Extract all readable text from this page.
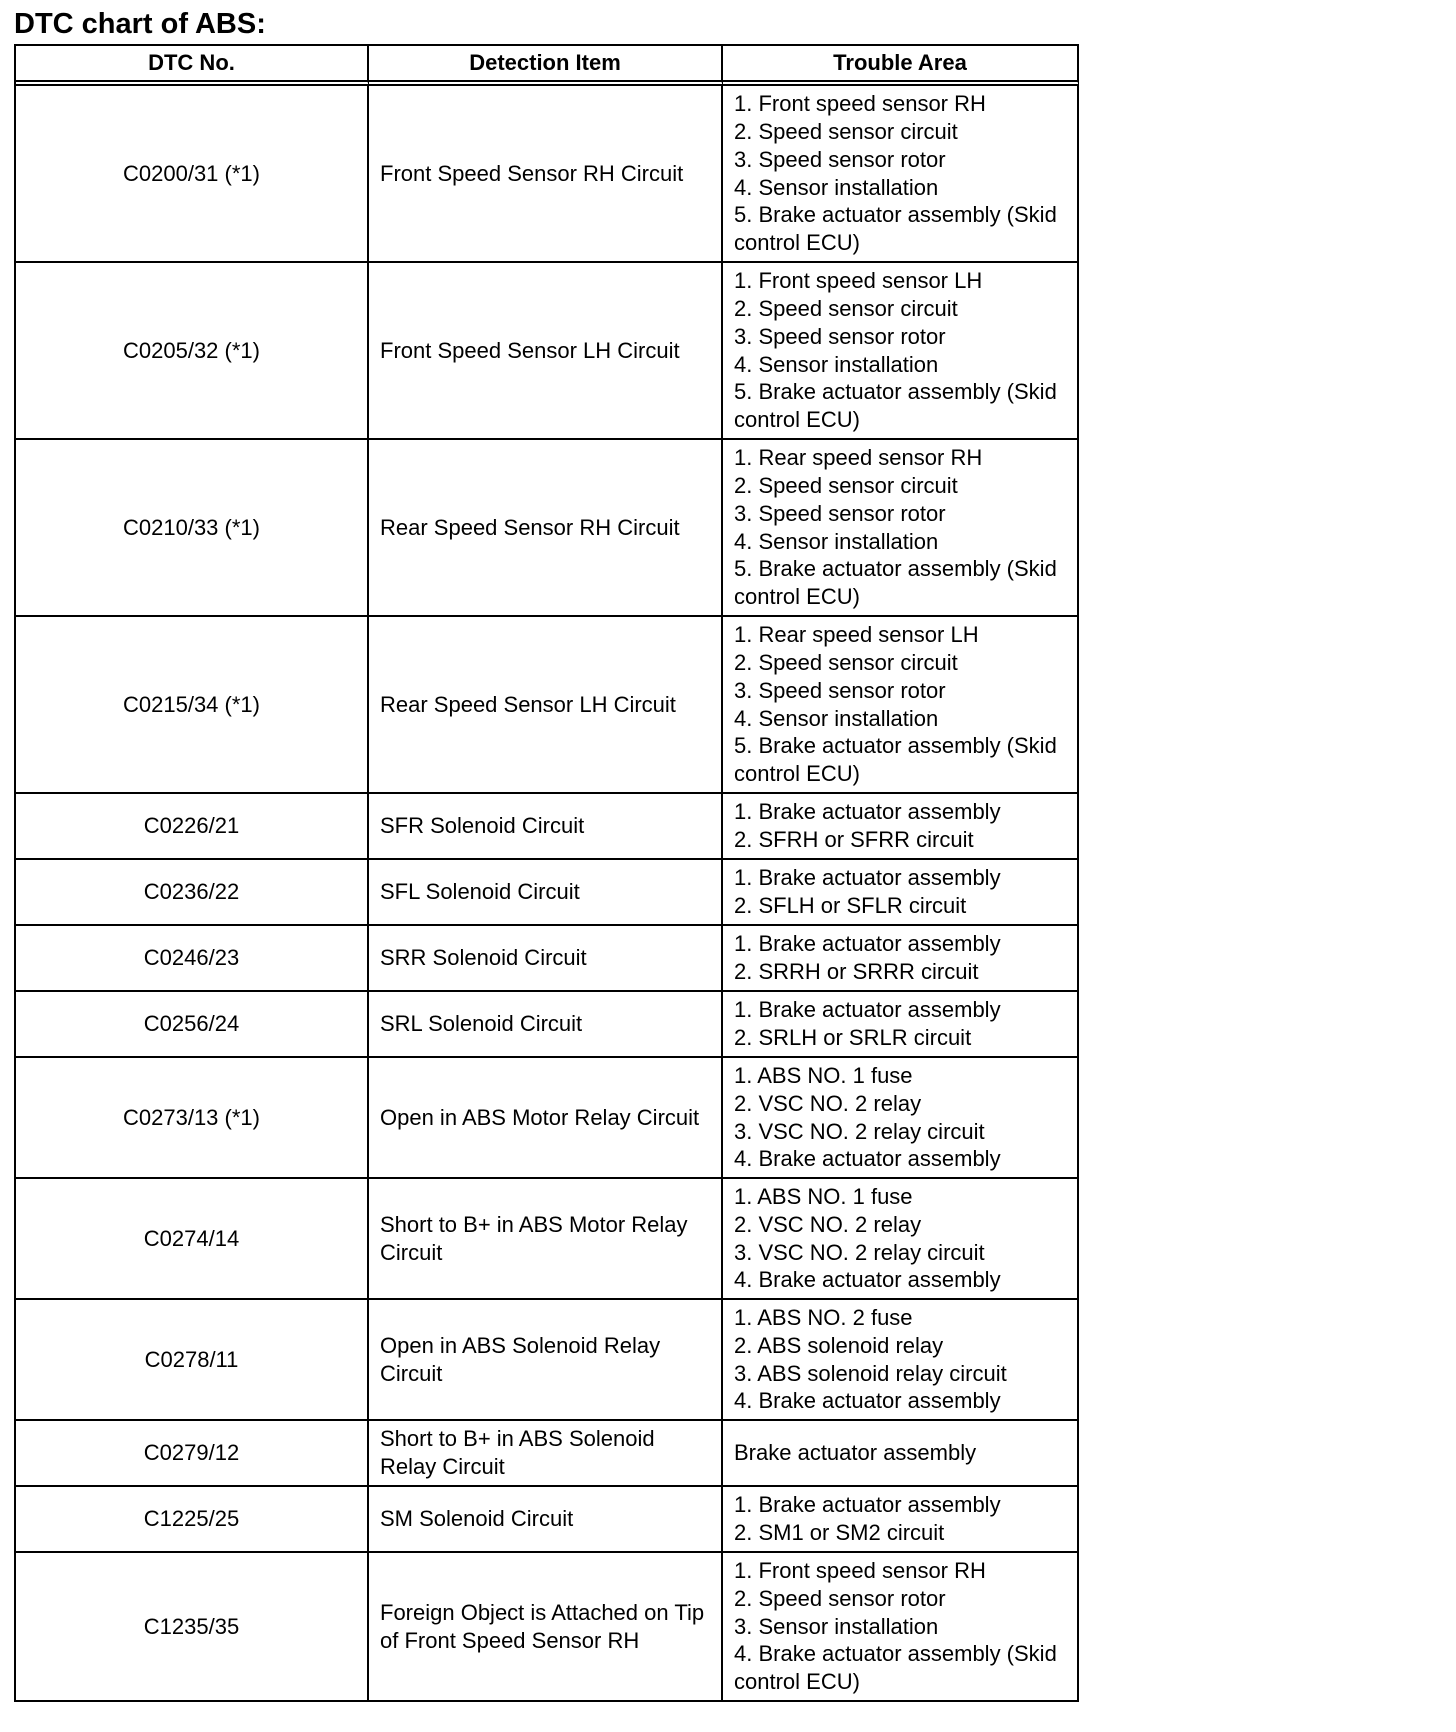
DTC chart of ABS:
DTC No.	Detection Item	Trouble Area
C0200/31 (*1)	Front Speed Sensor RH Circuit	1. Front speed sensor RH
2. Speed sensor circuit
3. Speed sensor rotor
4. Sensor installation
5. Brake actuator assembly (Skid control ECU)

C0205/32 (*1)	Front Speed Sensor LH Circuit	1. Front speed sensor LH
2. Speed sensor circuit
3. Speed sensor rotor
4. Sensor installation
5. Brake actuator assembly (Skid control ECU)

C0210/33 (*1)	Rear Speed Sensor RH Circuit	1. Rear speed sensor RH
2. Speed sensor circuit
3. Speed sensor rotor
4. Sensor installation
5. Brake actuator assembly (Skid control ECU)

C0215/34 (*1)	Rear Speed Sensor LH Circuit	1. Rear speed sensor LH
2. Speed sensor circuit
3. Speed sensor rotor
4. Sensor installation
5. Brake actuator assembly (Skid control ECU)

C0226/21	SFR Solenoid Circuit	1. Brake actuator assembly
2. SFRH or SFRR circuit

C0236/22	SFL Solenoid Circuit	1. Brake actuator assembly
2. SFLH or SFLR circuit

C0246/23	SRR Solenoid Circuit	1. Brake actuator assembly
2. SRRH or SRRR circuit

C0256/24	SRL Solenoid Circuit	1. Brake actuator assembly
2. SRLH or SRLR circuit

C0273/13 (*1)	Open in ABS Motor Relay Circuit	1. ABS NO. 1 fuse
2. VSC NO. 2 relay
3. VSC NO. 2 relay circuit
4. Brake actuator assembly

C0274/14	Short to B+ in ABS Motor Relay Circuit	1. ABS NO. 1 fuse
2. VSC NO. 2 relay
3. VSC NO. 2 relay circuit
4. Brake actuator assembly

C0278/11	Open in ABS Solenoid Relay Circuit	1. ABS NO. 2 fuse
2. ABS solenoid relay
3. ABS solenoid relay circuit
4. Brake actuator assembly

C0279/12	Short to B+ in ABS Solenoid Relay Circuit	Brake actuator assembly

C1225/25	SM Solenoid Circuit	1. Brake actuator assembly
2. SM1 or SM2 circuit

C1235/35	Foreign Object is Attached on Tip of Front Speed Sensor RH	1. Front speed sensor RH
2. Speed sensor rotor
3. Sensor installation
4. Brake actuator assembly (Skid control ECU)
